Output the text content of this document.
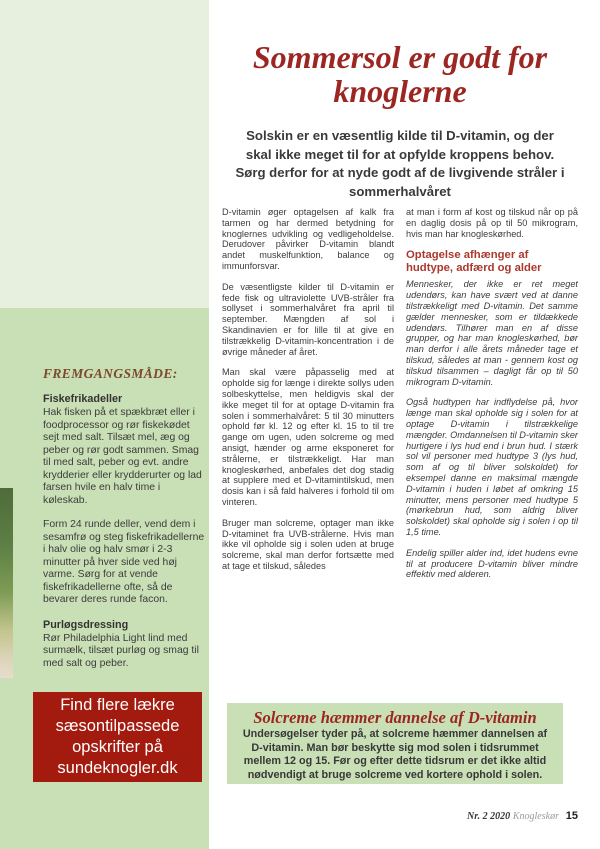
FREMGANGSMÅDE:
Fiskefrikadeller

Hak fisken på et spækbræt eller i foodprocessor og rør fiskekødet sejt med salt. Tilsæt mel, æg og peber og rør godt sammen. Smag til med salt, peber og evt. andre krydderier eller krydderurter og lad farsen hvile en halv time i køleskab.

Form 24 runde deller, vend dem i sesamfrø og steg fiskefrikadellerne i halv olie og halv smør i 2-3 minutter på hver side ved høj varme. Sørg for at vende fiskefrikadellerne ofte, så de bevarer deres runde facon.

Purløgsdressing

Rør Philadelphia Light lind med surmælk, tilsæt purløg og smag til med salt og peber.

Find flere lækre sæsontilpassede opskrifter på sundeknogler.dk
Sommersol er godt for knoglerne

Solskin er en væsentlig kilde til D-vitamin, og der skal ikke meget til for at opfylde kroppens behov. Sørg derfor for at nyde godt af de livgivende stråler i sommerhalvåret

D-vitamin øger optagelsen af kalk fra tarmen og har dermed betydning for knoglernes udvikling og vedligeholdelse. Derudover påvirker D-vitamin blandt andet muskelfunktion, balance og immunforsvar.

De væsentligste kilder til D-vitamin er fede fisk og ultraviolette UVB-stråler fra sollyset i sommerhalvåret fra april til september. Mængden af sol i Skandinavien er for lille til at give en tilstrækkelig D-vitamin-koncentration i de øvrige måneder af året.

Man skal være påpasselig med at opholde sig for længe i direkte sollys uden solbeskyttelse, men heldigvis skal der ikke meget til for at optage D-vitamin fra solen i sommerhalvåret: 5 til 30 minutters ophold før kl. 12 og efter kl. 15 to til tre gange om ugen, uden solcreme og med ansigt, hænder og arme eksponeret for strålerne, er tilstrækkeligt. Har man knogleskørhed, anbefales det dog stadig at supplere med et D-vitamintilskud, men dosis kan i så fald halveres i forhold til om vinteren.

Bruger man solcreme, optager man ikke D-vitaminet fra UVB-strålerne. Hvis man ikke vil opholde sig i solen uden at bruge solcreme, skal man derfor fortsætte med at tage et tilskud, således

at man i form af kost og tilskud når op på en daglig dosis på op til 50 mikrogram, hvis man har knogleskørhed.

Optagelse afhænger af hudtype, adfærd og alder

Mennesker, der ikke er ret meget udendørs, kan have svært ved at danne tilstrækkeligt med D-vitamin. Det samme gælder mennesker, som er tildækkede udendørs. Tilhører man en af disse grupper, og har man knogleskørhed, bør man derfor i alle årets måneder tage et tilskud, således at man - gennem kost og tilskud tilsammen – dagligt får op til 50 mikrogram D-vitamin.

Også hudtypen har indflydelse på, hvor længe man skal opholde sig i solen for at optage D-vitamin i tilstrækkelige mængder. Omdannelsen til D-vitamin sker hurtigere i lys hud end i brun hud. I stærk sol vil personer med hudtype 3 (lys hud, som af og til bliver solskoldet) for eksempel danne en maksimal mængde D-vitamin i huden i løbet af omkring 15 minutter, mens personer med hudtype 5 (mørkebrun hud, som aldrig bliver solskoldet) skal opholde sig i solen i op til 1,5 time.

Endelig spiller alder ind, idet hudens evne til at producere D-vitamin bliver mindre effektiv med alderen.

Solcreme hæmmer dannelse af D-vitamin

Undersøgelser tyder på, at solcreme hæmmer dannelsen af D-vitamin. Man bør beskytte sig mod solen i tidsrummet mellem 12 og 15. Før og efter dette tidsrum er det ikke altid nødvendigt at bruge solcreme ved kortere ophold i solen.

Nr. 2 2020 Knogleskør 15
